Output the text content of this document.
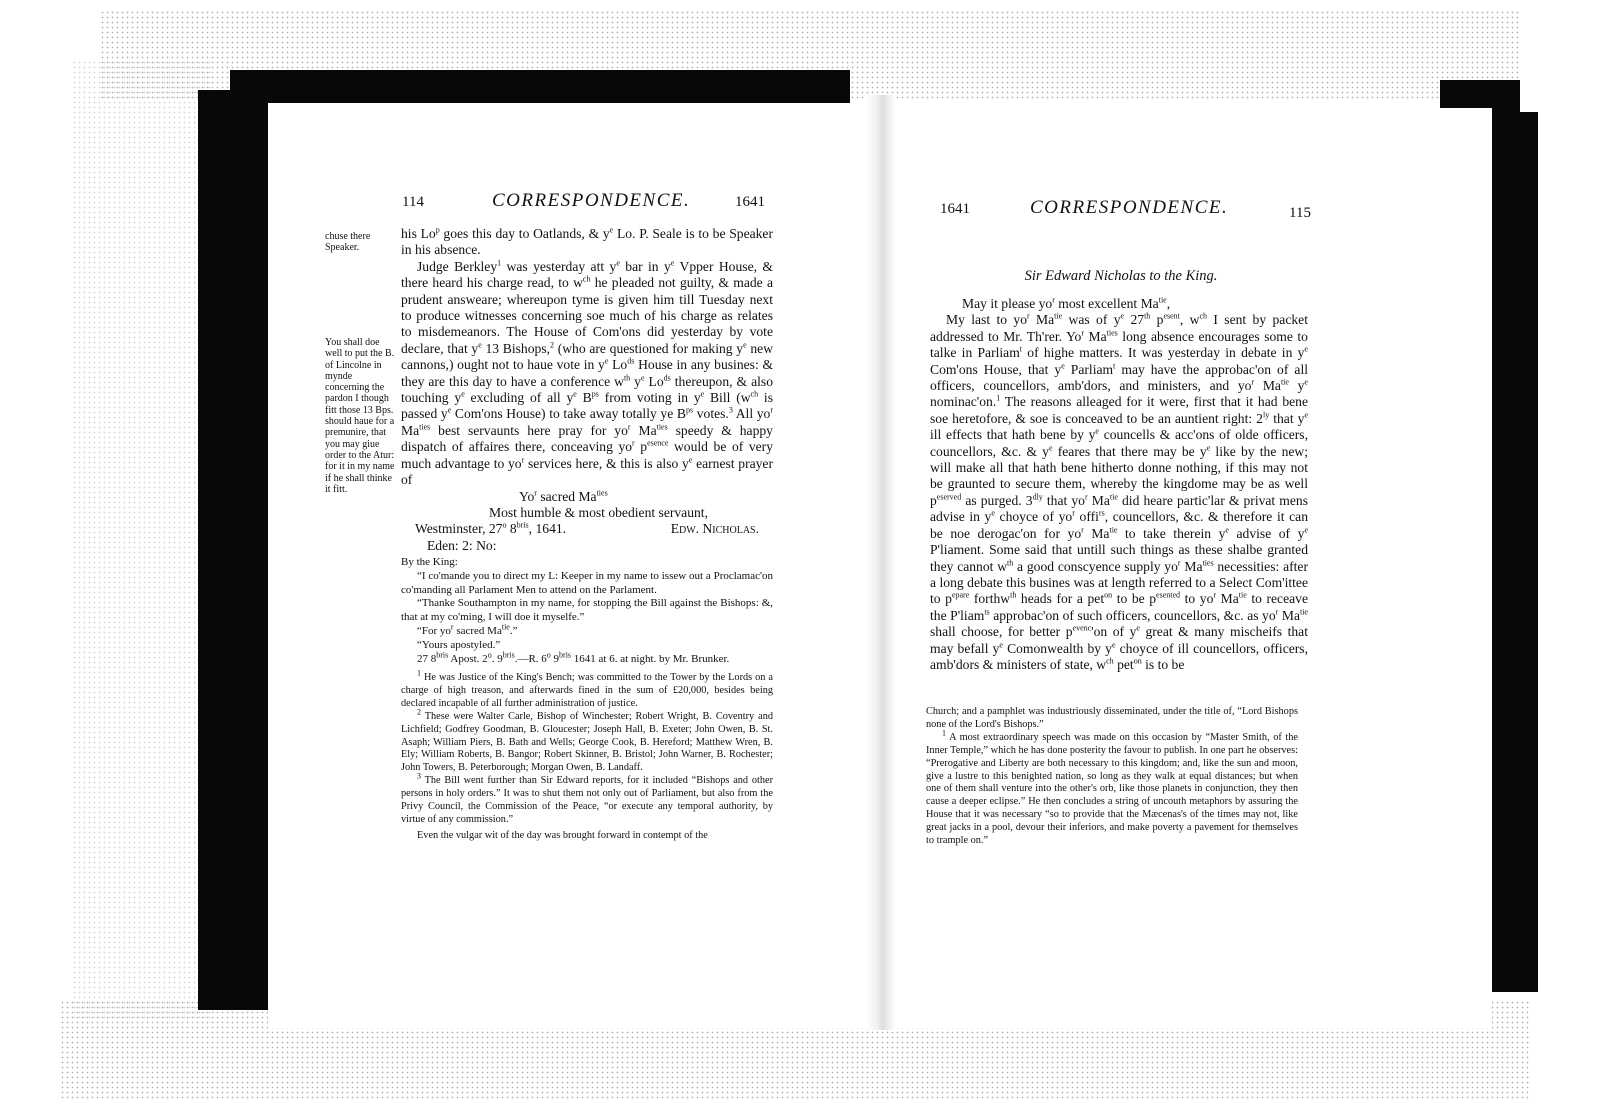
114	CORRESPONDENCE.	1641
chuse there Speaker.
You shall doe well to put the B. of Lincolne in mynde concerning the pardon I though fitt those 13 Bps. should haue for a premunire, that you may giue order to the Atur: for it in my name if he shall thinke it fitt.

his Lo$^p$ goes this day to Oatlands, & $y^e$ Lo. P. Seale is to be Speaker in his absence.

Judge Berkley$^1$ was yesterday att $y^e$ bar in $y^e$ Vpper House, & there heard his charge read, to $w^{ch}$ he pleaded not guilty, & made a prudent answeare; whereupon tyme is given him till Tuesday next to produce witnesses concerning soe much of his charge as relates to misdemeanors. The House of Com'ons did yesterday by vote declare, that $y^e$ 13 Bishops,$^2$ (who are questioned for making $y^e$ new cannons,) ought not to haue vote in $y^e$ $Lo^{ds}$ House in any busines: & they are this day to have a conference $w^{th}$ $y^e$ $Lo^{ds}$ thereupon, & also touching $y^e$ excluding of all $y^e$ $B^{ps}$ from voting in $y^e$ Bill ($w^{ch}$ is passed $y^e$ Com'ons House) to take away totally ye $B^{ps}$ votes.$^3$ All $yo^r$ $Ma^{ties}$ best servaunts here pray for $yo^r$ $Ma^{ties}$ speedy & happy dispatch of affaires there, conceaving $yo^r$ $p^{esence}$ would be of very much advantage to $yo^r$ services here, & this is also $y^e$ earnest prayer of

Yo$^r$ sacred $Ma^{ties}$

Most humble & most obedient servaunt,

Westminster, 27$^o$ $8^{bris}$, 1641.	Edw. Nicholas.

Eden: 2: No:

By the King:

“I co'mande you to direct my L: Keeper in my name to issew out a Proclamac'on co'manding all Parlament Men to attend on the Parlament.

“Thanke Southampton in my name, for stopping the Bill against the Bishops: &, that at my co'ming, I will doe it myselfe.”

“For $yo^r$ sacred $Ma^{tie}$.”

“Yours apostyled.”

27 $8^{bris}$ Apost. 2$^o$. $9^{bris}.—R$. 6$^o$ $9^{bris}$ 1641 at 6. at night. by Mr. Brunker.

$^1$ He was Justice of the King's Bench; was committed to the Tower by the Lords on a charge of high treason, and afterwards fined in the sum of £20,000, besides being declared incapable of all further administration of justice.

$^2$ These were Walter Carle, Bishop of Winchester; Robert Wright, B. Coventry and Lichfield; Godfrey Goodman, B. Gloucester; Joseph Hall, B. Exeter; John Owen, B. St. Asaph; William Piers, B. Bath and Wells; George Cook, B. Hereford; Matthew Wren, B. Ely; William Roberts, B. Bangor; Robert Skinner, B. Bristol; John Warner, B. Rochester; John Towers, B. Peterborough; Morgan Owen, B. Landaff.

$^3$ The Bill went further than Sir Edward reports, for it included “Bishops and other persons in holy orders.” It was to shut them not only out of Parliament, but also from the Privy Council, the Commission of the Peace, “or execute any temporal authority, by virtue of any commission.”

Even the vulgar wit of the day was brought forward in contempt of the

1641	CORRESPONDENCE.	115
Sir Edward Nicholas to the King.

May it please $yo^r$ most excellent $Ma^{tie}$,

My last to $yo^r$ $Ma^{tie}$ was of $y^e$ 27th $p^{esent}$, $w^{ch}$ I sent by packet addressed to Mr. Th'rer. Yo$^r$ $Ma^{ties}$ long absence encourages some to talke in Parliam$^t$ of highe matters. It was yesterday in debate in $y^e$ Com'ons House, that $y^e$ Parliam$^t$ may have the approbac'on of all officers, councellors, amb'dors, and ministers, and $yo^r$ $Ma^{tie}$ $y^e$ nominac'on.$^1$ The reasons alleaged for it were, first that it had bene soe heretofore, & soe is conceaved to be an auntient right: $2^{ly}$ that $y^e$ ill effects that hath bene by $y^e$ councells & acc'ons of olde officers, councellors, &c. & $y^e$ feares that there may be $y^e$ like by the new; will make all that hath bene hitherto donne nothing, if this may not be graunted to secure them, whereby the kingdome may be as well $p^{eserved}$ as purged. $3^{dly}$ that $yo^r$ $Ma^{tie}$ did heare partic'lar & privat mens advise in $y^e$ choyce of $yo^r$ offi$^{rs}$, councellors, &c. & therefore it can be noe derogac'on for $yo^r$ $Ma^{tie}$ to take therein $y^e$ advise of $y^e$ P'liament. Some said that untill such things as these shalbe granted they cannot $w^{th}$ a good conscyence supply $yo^r$ $Ma^{ties}$ necessities: after a long debate this busines was at length referred to a Select Com'ittee to $p^{epare}$ forthw$^{th}$ heads for a pet$^{on}$ to be $p^{esented}$ to $yo^r$ $Ma^{tie}$ to receave the P'liam$^{ts}$ approbac'on of such officers, councellors, &c. as $yo^r$ $Ma^{tie}$ shall choose, for better $p^{evenc}'on$ of $y^e$ great & many mischeifs that may befall $y^e$ Comonwealth by $y^e$ choyce of ill councellors, officers, amb'dors & ministers of state, $w^{ch}$ pet$^{on}$ is to be

Church; and a pamphlet was industriously disseminated, under the title of, “Lord Bishops none of the Lord's Bishops.”

$^1$ A most extraordinary speech was made on this occasion by “Master Smith, of the Inner Temple,” which he has done posterity the favour to publish. In one part he observes: “Prerogative and Liberty are both necessary to this kingdom; and, like the sun and moon, give a lustre to this benighted nation, so long as they walk at equal distances; but when one of them shall venture into the other's orb, like those planets in conjunction, they then cause a deeper eclipse.” He then concludes a string of uncouth metaphors by assuring the House that it was necessary “so to provide that the Mæcenas's of the times may not, like great jacks in a pool, devour their inferiors, and make poverty a pavement for themselves to trample on.”
